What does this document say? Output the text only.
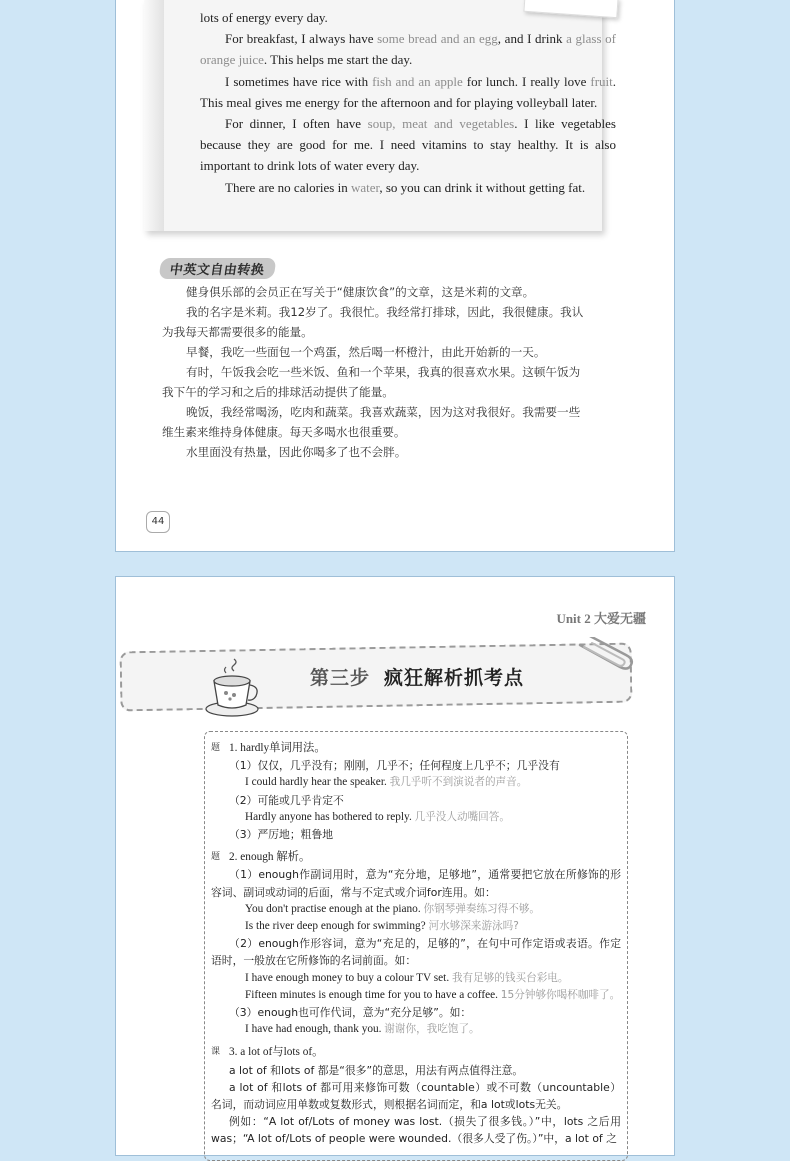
lots of energy every day.

For breakfast, I always have some bread and an egg, and I drink a glass of orange juice. This helps me start the day.

I sometimes have rice with fish and an apple for lunch. I really love fruit. This meal gives me energy for the afternoon and for playing volleyball later.

For dinner, I often have soup, meat and vegetables. I like vegetables because they are good for me. I need vitamins to stay healthy. It is also important to drink lots of water every day.

There are no calories in water, so you can drink it without getting fat.

中英文自由转换

健身俱乐部的会员正在写关于“健康饮食”的文章，这是米莉的文章。

我的名字是米莉。我12岁了。我很忙。我经常打排球，因此，我很健康。我认为我每天都需要很多的能量。

早餐，我吃一些面包一个鸡蛋，然后喝一杯橙汁，由此开始新的一天。

有时，午饭我会吃一些米饭、鱼和一个苹果，我真的很喜欢水果。这顿午饭为我下午的学习和之后的排球活动提供了能量。

晚饭，我经常喝汤，吃肉和蔬菜。我喜欢蔬菜，因为这对我很好。我需要一些维生素来维持身体健康。每天多喝水也很重要。

水里面没有热量，因此你喝多了也不会胖。

44
Unit 2 大爱无疆
第三步 疯狂解析抓考点
题 1. hardly单词用法。
（1）仅仅，几乎没有；刚刚，几乎不；任何程度上几乎不；几乎没有
I could hardly hear the speaker. 我几乎听不到演说者的声音。
（2）可能或几乎肯定不
Hardly anyone has bothered to reply. 几乎没人动嘴回答。
（3）严厉地；粗鲁地
题 2. enough 解析。
（1）enough作副词用时，意为“充分地，足够地”，通常要把它放在所修饰的形容词、副词或动词的后面，常与不定式或介词for连用。如：
You don't practise enough at the piano. 你钢琴弹奏练习得不够。
Is the river deep enough for swimming? 河水够深来游泳吗?
（2）enough作形容词，意为“充足的，足够的”，在句中可作定语或表语。作定语时，一般放在它所修饰的名词前面。如：
I have enough money to buy a colour TV set. 我有足够的钱买台彩电。
Fifteen minutes is enough time for you to have a coffee. 15分钟够你喝杯咖啡了。
（3）enough也可作代词，意为“充分足够”。如：
I have had enough, thank you. 谢谢你，我吃饱了。
课 3. a lot of与lots of。
a lot of 和lots of 都是“很多”的意思，用法有两点值得注意。
a lot of 和lots of 都可用来修饰可数（countable）或不可数（uncountable）名词，而动词应用单数或复数形式，则根据名词而定，和a lot或lots无关。
例如：“A lot of/Lots of money was lost.（损失了很多钱。）”中，lots 之后用was；“A lot of/Lots of people were wounded.（很多人受了伤。）”中，a lot of 之
